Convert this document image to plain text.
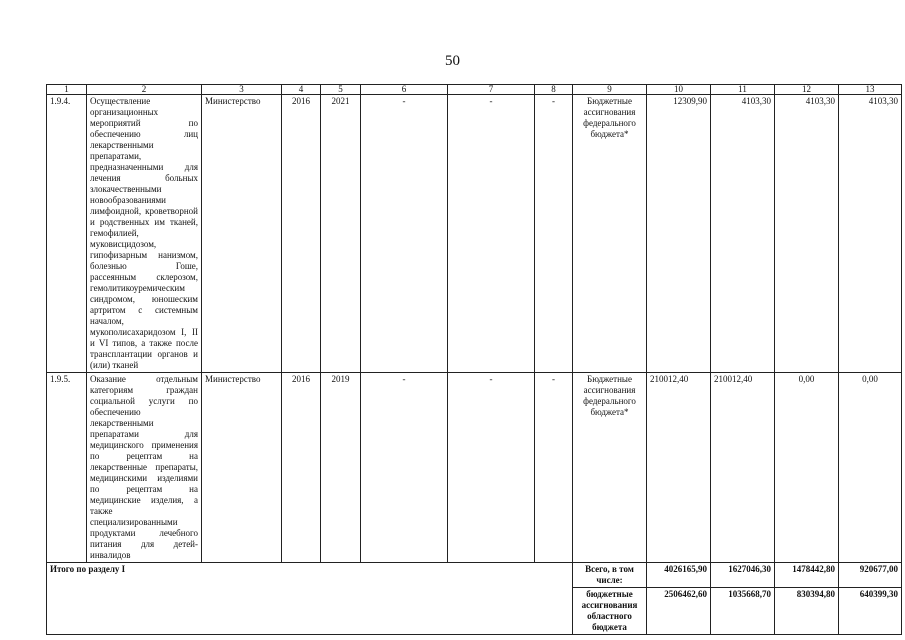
50
1	2	3	4	5	6	7	8	9	10	11	12	13
1.9.4.	Осуществление организационных мероприятий по обеспечению лиц лекарственными препаратами, предназначенными для лечения больных злокачественными новообразованиями лимфоидной, кроветворной и родственных им тканей, гемофилией, муковисцидозом, гипофизарным нанизмом, болезнью Гоше, рассеянным склерозом, гемолитикоуремическим синдромом, юношеским артритом с системным началом, мукополисахаридозом I, II и VI типов, а также после трансплантации органов и (или) тканей	Министерство	2016	2021	-	-	-	Бюджетные ассигнования федерального бюджета*	12309,90	4103,30	4103,30	4103,30
1.9.5.	Оказание отдельным категориям граждан социальной услуги по обеспечению лекарственными препаратами для медицинского применения по рецептам на лекарственные препараты, медицинскими изделиями по рецептам на медицинские изделия, а также специализированными продуктами лечебного питания для детей-инвалидов	Министерство	2016	2019	-	-	-	Бюджетные ассигнования федерального бюджета*	210012,40	210012,40	0,00	0,00
Итого по разделу I								Всего, в том числе:	4026165,90	1627046,30	1478442,80	920677,00
								бюджетные ассигнования областного бюджета	2506462,60	1035668,70	830394,80	640399,30
